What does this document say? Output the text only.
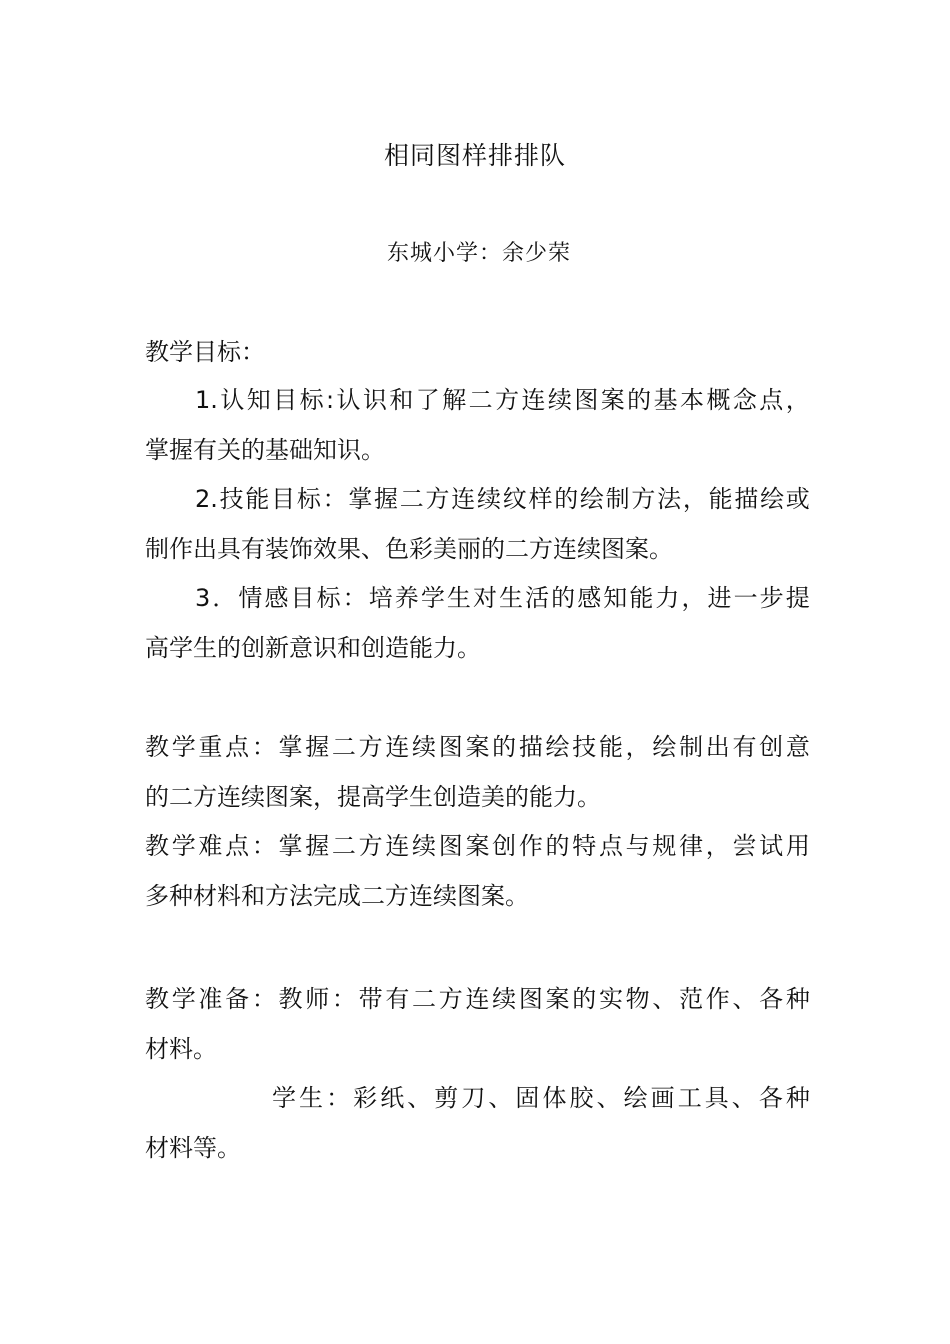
相同图样排排队
东城小学：余少荣
教学目标：
1. 认 知 目 标 : 认 识 和 了 解 二 方 连 续 图 案 的 基 本 概 念 点 ，
掌握有关的基础知识。
2. 技 能 目 标 ： 掌 握 二 方 连 续 纹 样 的 绘 制 方 法 ， 能 描 绘 或
制作出具有装饰效果、色彩美丽的二方连续图案。
3 ． 情 感 目 标 ： 培 养 学 生 对 生 活 的 感 知 能 力 ， 进 一 步 提
高学生的创新意识和创造能力。
教 学 重 点 ： 掌 握 二 方 连 续 图 案 的 描 绘 技 能 ， 绘 制 出 有 创 意
的二方连续图案，提高学生创造美的能力。
教 学 难 点 ： 掌 握 二 方 连 续 图 案 创 作 的 特 点 与 规 律 ， 尝 试 用
多种材料和方法完成二方连续图案。
教 学 准 备 ： 教 师 ： 带 有 二 方 连 续 图 案 的 实 物 、 范 作 、 各 种
材料。
学 生 ： 彩 纸 、 剪 刀 、 固 体 胶 、 绘 画 工 具 、 各 种
材料等。
